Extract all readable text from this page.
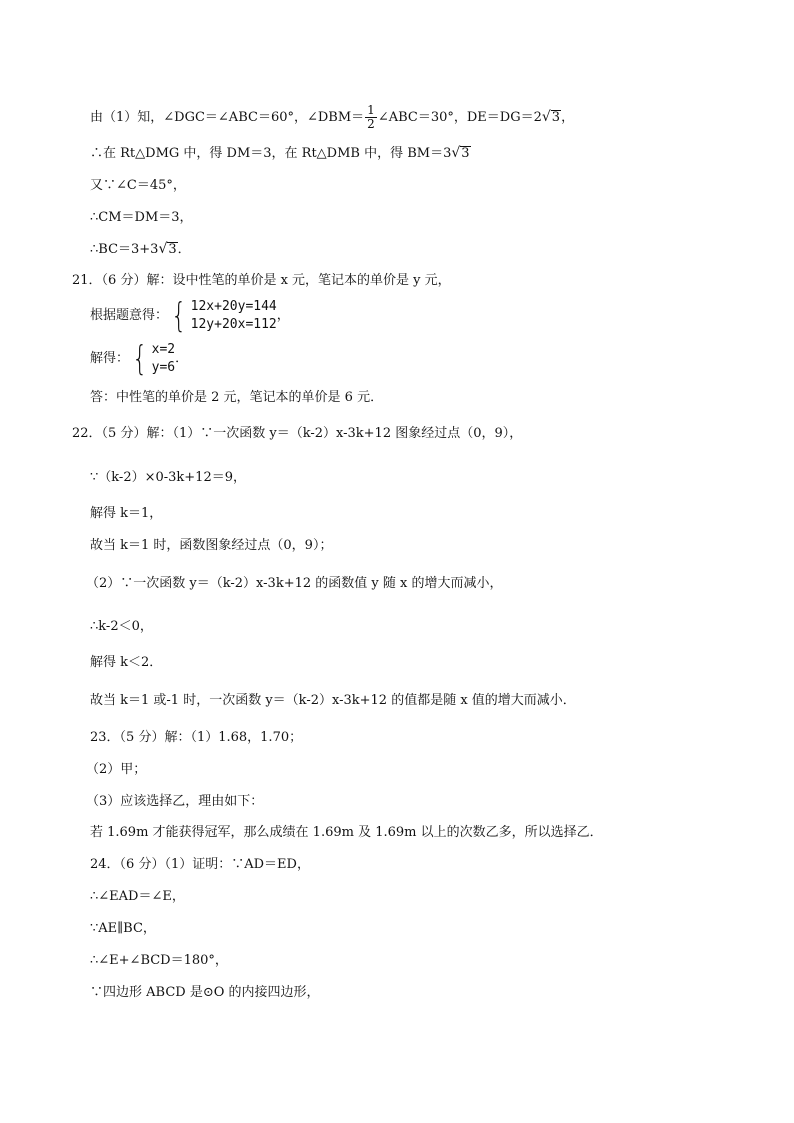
由（1）知，∠DGC＝∠ABC＝60°，∠DBM＝ $\frac{1}{2}$ ∠ABC＝30°，DE＝DG＝2√3，
∴在 Rt△DMG 中，得 DM＝3，在 Rt△DMB 中，得 BM＝3√3
又∵∠C＝45°，
∴CM＝DM＝3，
∴BC＝3+3√3．
21．（6 分）解：设中性笔的单价是 x 元，笔记本的单价是 y 元，
根据题意得： { 12x+20y=144
12y+20x=112
，
解得： { x=2
y=6
．
答：中性笔的单价是 2 元，笔记本的单价是 6 元．
22．（5 分）解：（1）∵一次函数 y＝（k-2）x-3k+12 图象经过点（0，9），
∵（k-2）×0-3k+12＝9，
解得 k＝1，
故当 k＝1 时，函数图象经过点（0，9）；
（2）∵一次函数 y＝（k-2）x-3k+12 的函数值 y 随 x 的增大而减小，
∴k-2＜0，
解得 k＜2．
故当 k＝1 或-1 时，一次函数 y＝（k-2）x-3k+12 的值都是随 x 值的增大而减小．
23．（5 分）解：（1）1.68，1.70；
（2）甲；
（3）应该选择乙，理由如下：
若 1.69m 才能获得冠军，那么成绩在 1.69m 及 1.69m 以上的次数乙多，所以选择乙．
24．（6 分）（1）证明：∵AD＝ED，
∴∠EAD＝∠E，
∵AE∥BC，
∴∠E+∠BCD＝180°，
∵四边形 ABCD 是⊙O 的内接四边形，
